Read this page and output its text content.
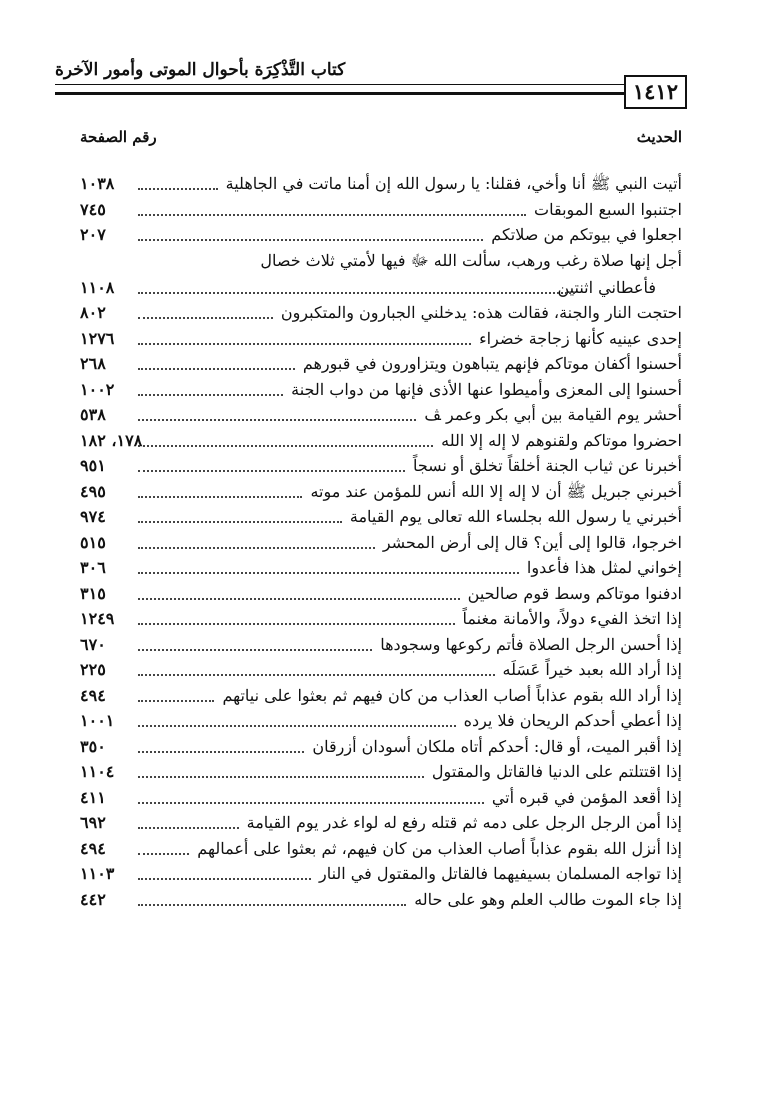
كتاب التَّذْكِرَة بأحوال الموتى وأمور الآخرة
١٤١٢
الحديث
رقم الصفحة
أتيت النبي ﷺ أنا وأخي، فقلنا: يا رسول الله إن أمنا ماتت في الجاهلية
١٠٣٨
اجتنبوا السبع الموبقات
٧٤٥
اجعلوا في بيوتكم من صلاتكم
٢٠٧
أجل إنها صلاة رغب ورهب، سألت الله ﷻ فيها لأمتي ثلاث خصال
فأعطاني اثنتين
١١٠٨
احتجت النار والجنة، فقالت هذه: يدخلني الجبارون والمتكبرون
٨٠٢
إحدى عينيه كأنها زجاجة خضراء
١٢٧٦
أحسنوا أكفان موتاكم فإنهم يتباهون ويتزاورون في قبورهم
٢٦٨
أحسنوا إلى المعزى وأميطوا عنها الأذى فإنها من دواب الجنة
١٠٠٢
أحشر يوم القيامة بين أبي بكر وعمر ﭫ
٥٣٨
احضروا موتاكم ولقنوهم لا إله إلا الله
١٧٨، ١٨٢
أخبرنا عن ثياب الجنة أخلقاً تخلق أو نسجاً
٩٥١
أخبرني جبريل ﷺ أن لا إله إلا الله أنس للمؤمن عند موته
٤٩٥
أخبرني يا رسول الله بجلساء الله تعالى يوم القيامة
٩٧٤
اخرجوا، قالوا إلى أين؟ قال إلى أرض المحشر
٥١٥
إخواني لمثل هذا فأعدوا
٣٠٦
ادفنوا موتاكم وسط قوم صالحين
٣١٥
إذا اتخذ الفيء دولاً، والأمانة مغنماً
١٢٤٩
إذا أحسن الرجل الصلاة فأتم ركوعها وسجودها
٦٧٠
إذا أراد الله بعبد خيراً عَسَلَه
٢٢٥
إذا أراد الله بقوم عذاباً أصاب العذاب من كان فيهم ثم بعثوا على نياتهم
٤٩٤
إذا أعطي أحدكم الريحان فلا يرده
١٠٠١
إذا أقبر الميت، أو قال: أحدكم أتاه ملكان أسودان أزرقان
٣٥٠
إذا اقتتلتم على الدنيا فالقاتل والمقتول
١١٠٤
إذا أقعد المؤمن في قبره أتي
٤١١
إذا أمن الرجل الرجل على دمه ثم قتله رفع له لواء غدر يوم القيامة
٦٩٢
إذا أنزل الله بقوم عذاباً أصاب العذاب من كان فيهم، ثم بعثوا على أعمالهم
٤٩٤
إذا تواجه المسلمان بسيفيهما فالقاتل والمقتول في النار
١١٠٣
إذا جاء الموت طالب العلم وهو على حاله
٤٤٢
